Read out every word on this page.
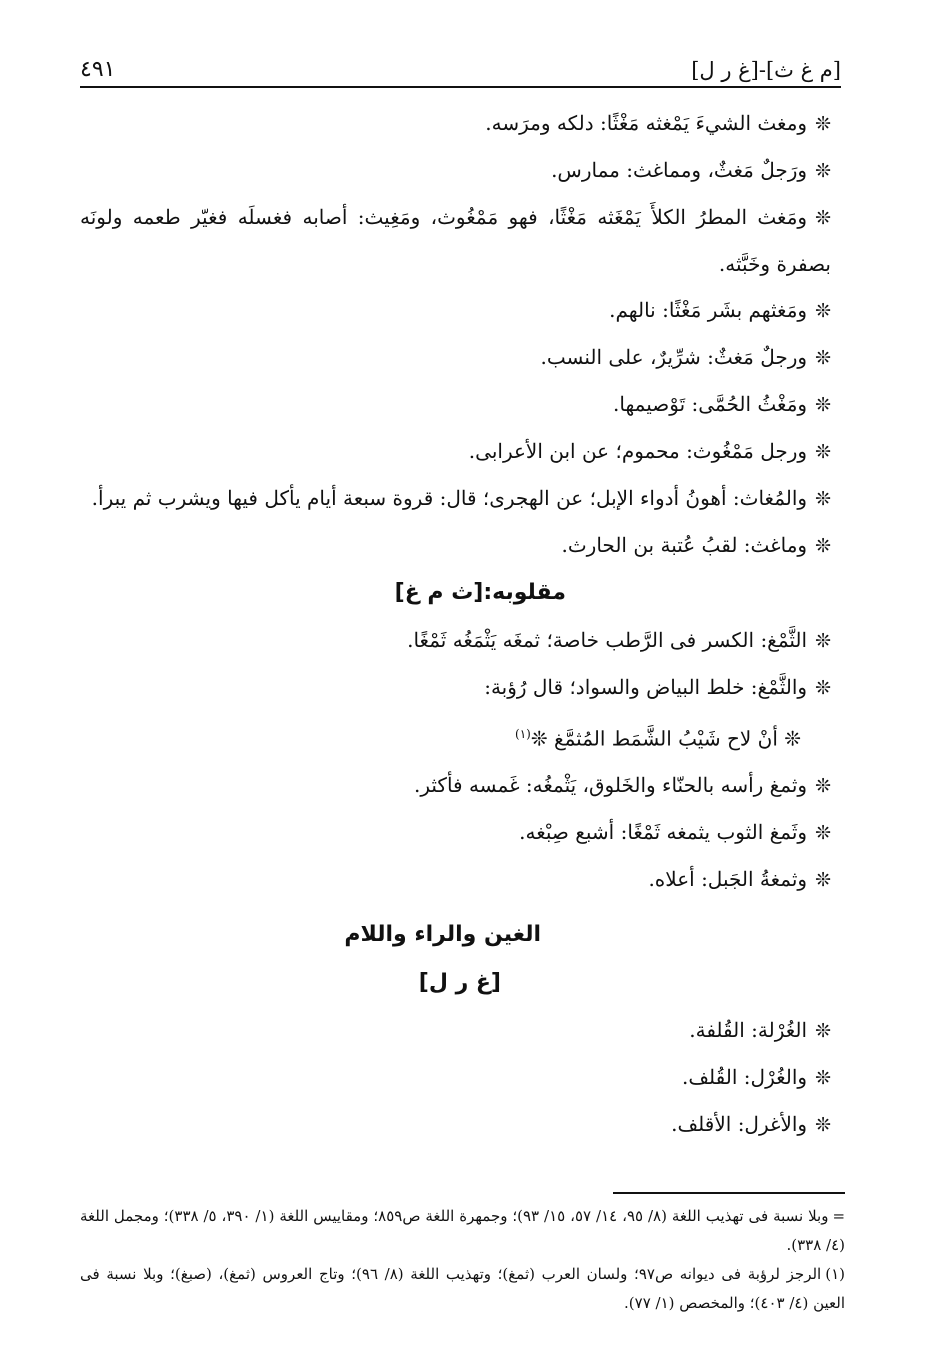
[م غ ث]-[غ ر ل]
٤٩١

❊ومغث الشيءَ يَمْغثه مَغْثًا: دلكه ومرَسه.

❊ورَجلٌ مَغثٌ، ومماغث: ممارس.

❊ومَغث المطرُ الكلأَ يَمْغَثه مَغْثًا، فهو مَمْغُوث، ومَغِيث: أصابه فغسلَه فغيّر طعمه ولونَه بصفرة وخَبَّثه.

❊ومَغثهم بشَر مَغْثًا: نالهم.

❊ورجلٌ مَغثٌ: شرِّيرٌ، على النسب.

❊ومَغْثُ الحُمَّى: تَوْصيمها.

❊ورجل مَمْغُوث: محموم؛ عن ابن الأعرابى.

❊والمُغاث: أهونُ أدواء الإبل؛ عن الهجرى؛ قال: قروة سبعة أيام يأكل فيها ويشرب ثم يبرأ.

❊وماغث: لقبُ عُتبة بن الحارث.

مقلوبه:[ث م غ]

❊الثَّمْغ: الكسر فى الرَّطب خاصة؛ ثمغَه يَثْمَغُه ثَمْغًا.

❊والثَّمْغ: خلط البياض والسواد؛ قال رُؤبة:

❊ أنْ لاح شَيْبُ الشَّمَط المُثمَّغ ❊$^{(١)}$

❊وثمغ رأسه بالحنّاء والخَلوق، يَثْمغُه: غَمسه فأكثر.

❊وثَمغ الثوب يثمغه ثَمْغًا: أشبع صِبْغه.

❊وثمغةُ الجَبل: أعلاه.

الغين والراء واللام

[غ ر ل]

❊الغُرْلة: القُلفة.

❊والغُرْل: القُلف.

❊والأغرل: الأقلف.

=وبلا نسبة فى تهذيب اللغة (٨/ ٩٥، ١٤/ ٥٧، ١٥/ ٩٣)؛ وجمهرة اللغة ص٨٥٩؛ ومقاييس اللغة (١/ ٣٩٠، ٥/ ٣٣٨)؛ ومجمل اللغة (٤/ ٣٣٨).

(١)الرجز لرؤبة فى ديوانه ص٩٧؛ ولسان العرب (ثمغ)؛ وتهذيب اللغة (٨/ ٩٦)؛ وتاج العروس (ثمغ)، (صبغ)؛ وبلا نسبة فى العين (٤/ ٤٠٣)؛ والمخصص (١/ ٧٧).
